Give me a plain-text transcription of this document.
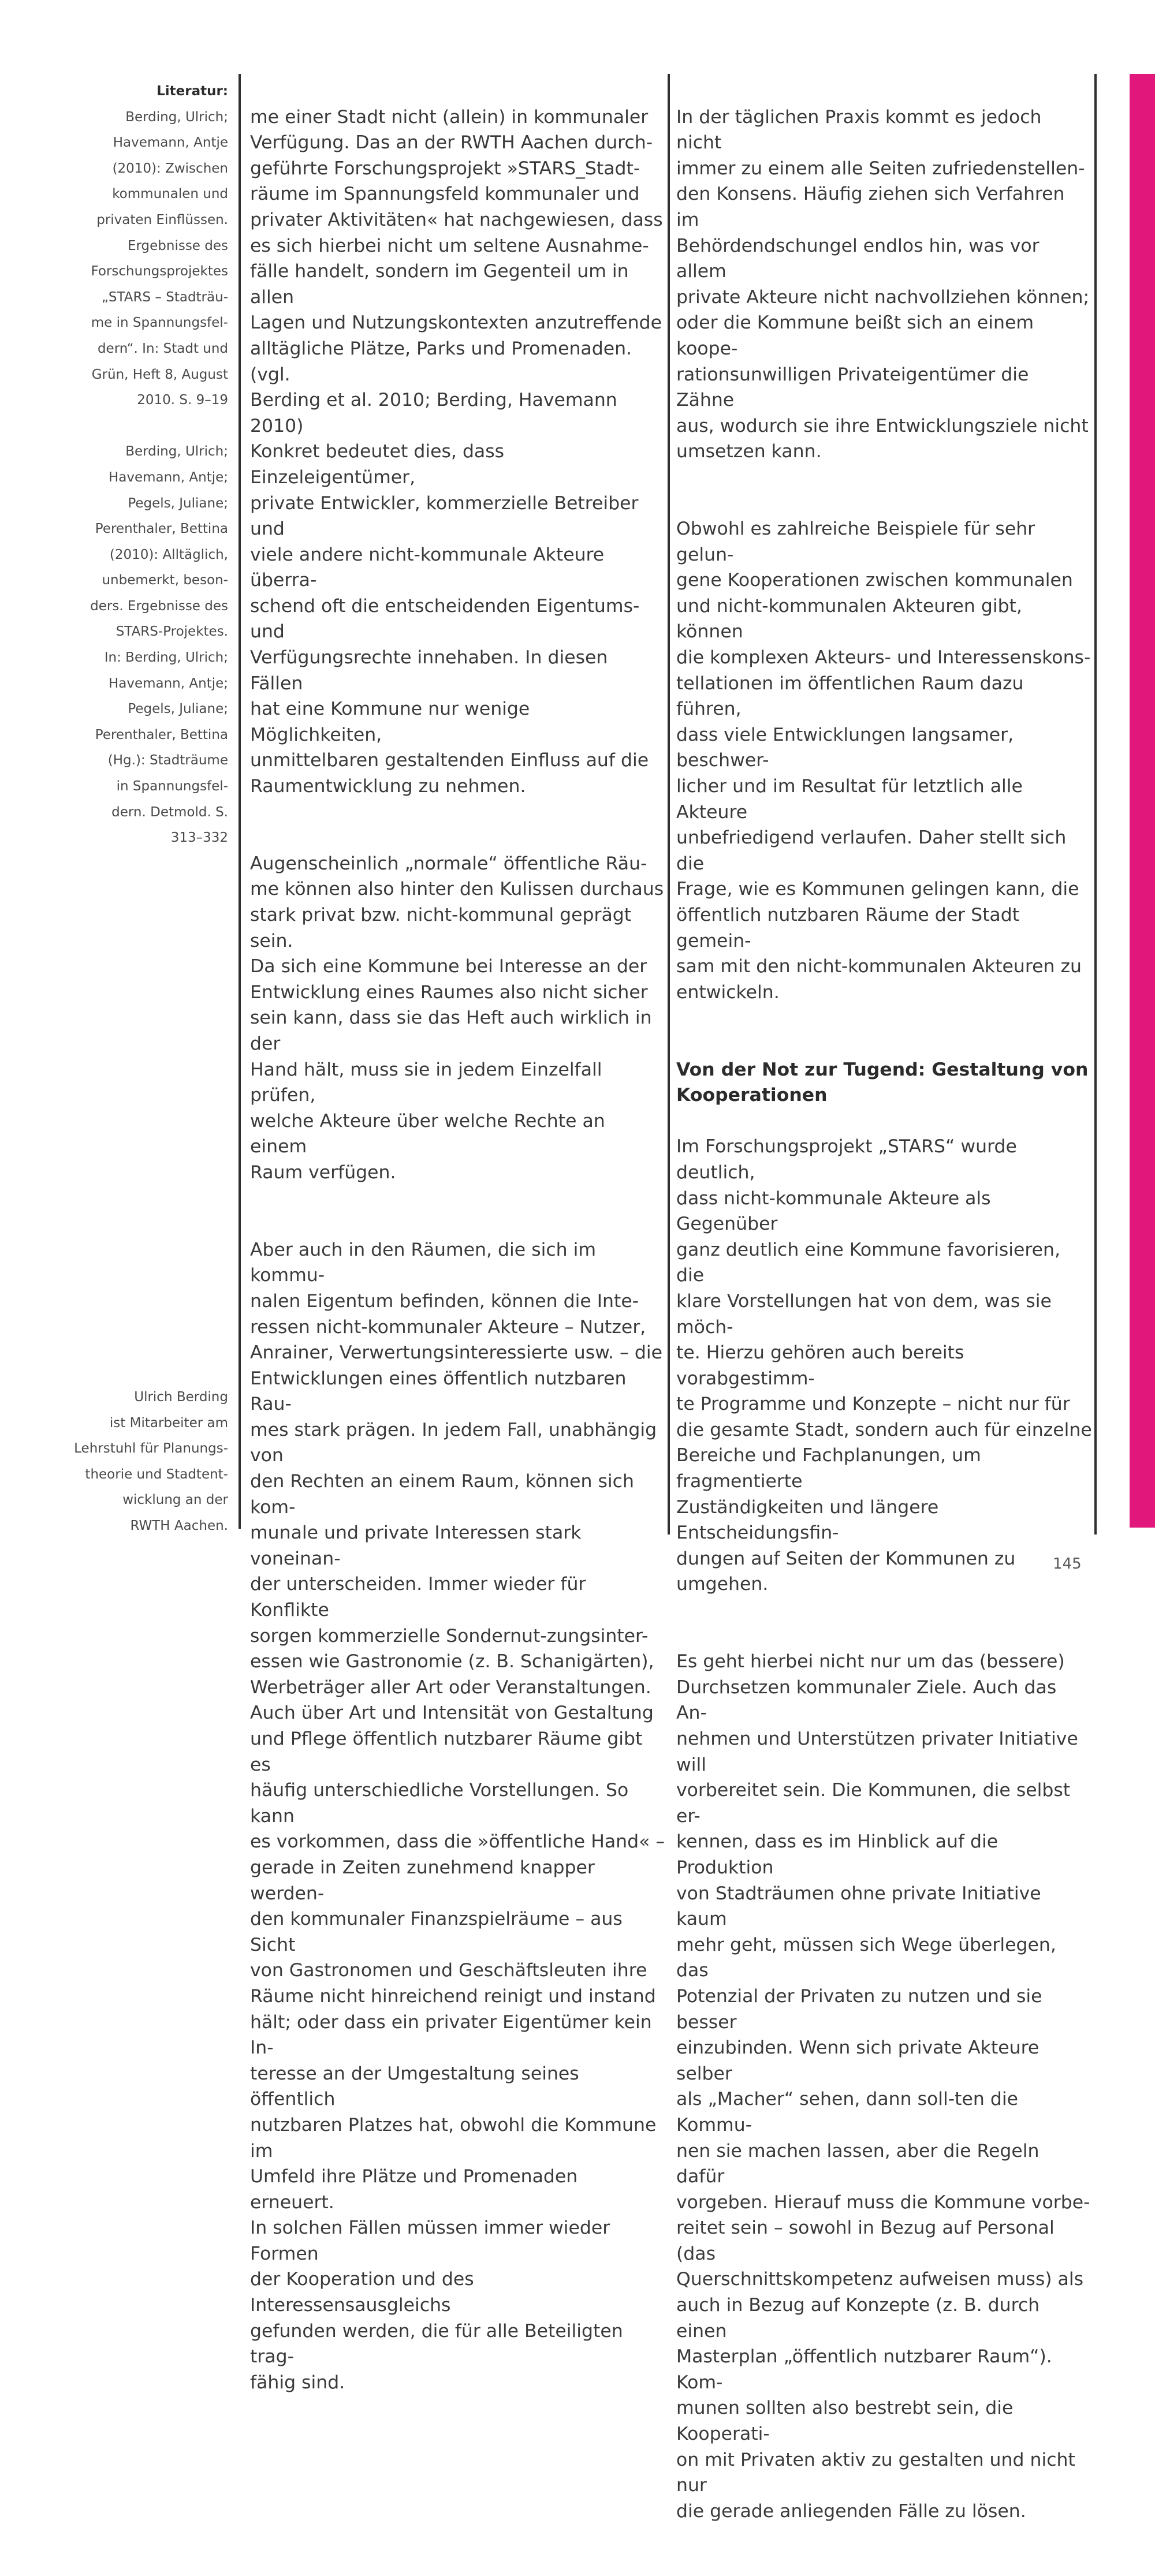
Literatur:
Berding, Ulrich;
Havemann, Antje
(2010): Zwischen
kommunalen und
privaten Einflüssen.
Ergebnisse des
Forschungsprojektes
„STARS – Stadträu-
me in Spannungsfel-
dern“. In: Stadt und
Grün, Heft 8, August
2010. S. 9–19
Berding, Ulrich;
Havemann, Antje;
Pegels, Juliane;
Perenthaler, Bettina
(2010): Alltäglich,
unbemerkt, beson-
ders. Ergebnisse des
STARS-Projektes.
In: Berding, Ulrich;
Havemann, Antje;
Pegels, Juliane;
Perenthaler, Bettina
(Hg.): Stadträume
in Spannungsfel-
dern. Detmold. S.
313–332
Ulrich Berding
ist Mitarbeiter am
Lehrstuhl für Planungs-
theorie und Stadtent-
wicklung an der
RWTH Aachen.

me einer Stadt nicht (allein) in kommunaler
Verfügung. Das an der RWTH Aachen durch-
geführte Forschungsprojekt »STARS_Stadt-
räume im Spannungsfeld kommunaler und
privater Aktivitäten« hat nachgewiesen, dass
es sich hierbei nicht um seltene Ausnahme-
fälle handelt, sondern im Gegenteil um in allen
Lagen und Nutzungskontexten anzutreffende
alltägliche Plätze, Parks und Promenaden. (vgl.
Berding et al. 2010; Berding, Havemann 2010)
Konkret bedeutet dies, dass Einzeleigentümer,
private Entwickler, kommerzielle Betreiber und
viele andere nicht-kommunale Akteure überra-
schend oft die entscheidenden Eigentums- und
Verfügungsrechte innehaben. In diesen Fällen
hat eine Kommune nur wenige Möglichkeiten,
unmittelbaren gestaltenden Einfluss auf die
Raumentwicklung zu nehmen.

Augenscheinlich „normale“ öffentliche Räu-
me können also hinter den Kulissen durchaus
stark privat bzw. nicht-kommunal geprägt sein.
Da sich eine Kommune bei Interesse an der
Entwicklung eines Raumes also nicht sicher
sein kann, dass sie das Heft auch wirklich in der
Hand hält, muss sie in jedem Einzelfall prüfen,
welche Akteure über welche Rechte an einem
Raum verfügen.

Aber auch in den Räumen, die sich im kommu-
nalen Eigentum befinden, können die Inte-
ressen nicht-kommunaler Akteure – Nutzer,
Anrainer, Verwertungsinteressierte usw. – die
Entwicklungen eines öffentlich nutzbaren Rau-
mes stark prägen. In jedem Fall, unabhängig von
den Rechten an einem Raum, können sich kom-
munale und private Interessen stark voneinan-
der unterscheiden. Immer wieder für Konflikte
sorgen kommerzielle Sondernut-zungsinter-
essen wie Gastronomie (z. B. Schanigärten),
Werbeträger aller Art oder Veranstaltungen.
Auch über Art und Intensität von Gestaltung
und Pflege öffentlich nutzbarer Räume gibt es
häufig unterschiedliche Vorstellungen. So kann
es vorkommen, dass die »öffentliche Hand« –
gerade in Zeiten zunehmend knapper werden-
den kommunaler Finanzspielräume – aus Sicht
von Gastronomen und Geschäftsleuten ihre
Räume nicht hinreichend reinigt und instand
hält; oder dass ein privater Eigentümer kein In-
teresse an der Umgestaltung seines öffentlich
nutzbaren Platzes hat, obwohl die Kommune im
Umfeld ihre Plätze und Promenaden erneuert.
In solchen Fällen müssen immer wieder Formen
der Kooperation und des Interessensausgleichs
gefunden werden, die für alle Beteiligten trag-
fähig sind.

In der täglichen Praxis kommt es jedoch nicht
immer zu einem alle Seiten zufriedenstellen-
den Konsens. Häufig ziehen sich Verfahren im
Behördendschungel endlos hin, was vor allem
private Akteure nicht nachvollziehen können;
oder die Kommune beißt sich an einem koope-
rationsunwilligen Privateigentümer die Zähne
aus, wodurch sie ihre Entwicklungsziele nicht
umsetzen kann.

Obwohl es zahlreiche Beispiele für sehr gelun-
gene Kooperationen zwischen kommunalen
und nicht-kommunalen Akteuren gibt, können
die komplexen Akteurs- und Interessenskons-
tellationen im öffentlichen Raum dazu führen,
dass viele Entwicklungen langsamer, beschwer-
licher und im Resultat für letztlich alle Akteure
unbefriedigend verlaufen. Daher stellt sich die
Frage, wie es Kommunen gelingen kann, die
öffentlich nutzbaren Räume der Stadt gemein-
sam mit den nicht-kommunalen Akteuren zu
entwickeln.

Von der Not zur Tugend: Gestaltung von
Kooperationen

Im Forschungsprojekt „STARS“ wurde deutlich,
dass nicht-kommunale Akteure als Gegenüber
ganz deutlich eine Kommune favorisieren, die
klare Vorstellungen hat von dem, was sie möch-
te. Hierzu gehören auch bereits vorabgestimm-
te Programme und Konzepte – nicht nur für
die gesamte Stadt, sondern auch für einzelne
Bereiche und Fachplanungen, um fragmentierte
Zuständigkeiten und längere Entscheidungsfin-
dungen auf Seiten der Kommunen zu umgehen.

Es geht hierbei nicht nur um das (bessere)
Durchsetzen kommunaler Ziele. Auch das An-
nehmen und Unterstützen privater Initiative will
vorbereitet sein. Die Kommunen, die selbst er-
kennen, dass es im Hinblick auf die Produktion
von Stadträumen ohne private Initiative kaum
mehr geht, müssen sich Wege überlegen, das
Potenzial der Privaten zu nutzen und sie besser
einzubinden. Wenn sich private Akteure selber
als „Macher“ sehen, dann soll-ten die Kommu-
nen sie machen lassen, aber die Regeln dafür
vorgeben. Hierauf muss die Kommune vorbe-
reitet sein – sowohl in Bezug auf Personal (das
Querschnittskompetenz aufweisen muss) als
auch in Bezug auf Konzepte (z. B. durch einen
Masterplan „öffentlich nutzbarer Raum“). Kom-
munen sollten also bestrebt sein, die Kooperati-
on mit Privaten aktiv zu gestalten und nicht nur
die gerade anliegenden Fälle zu lösen.

145
